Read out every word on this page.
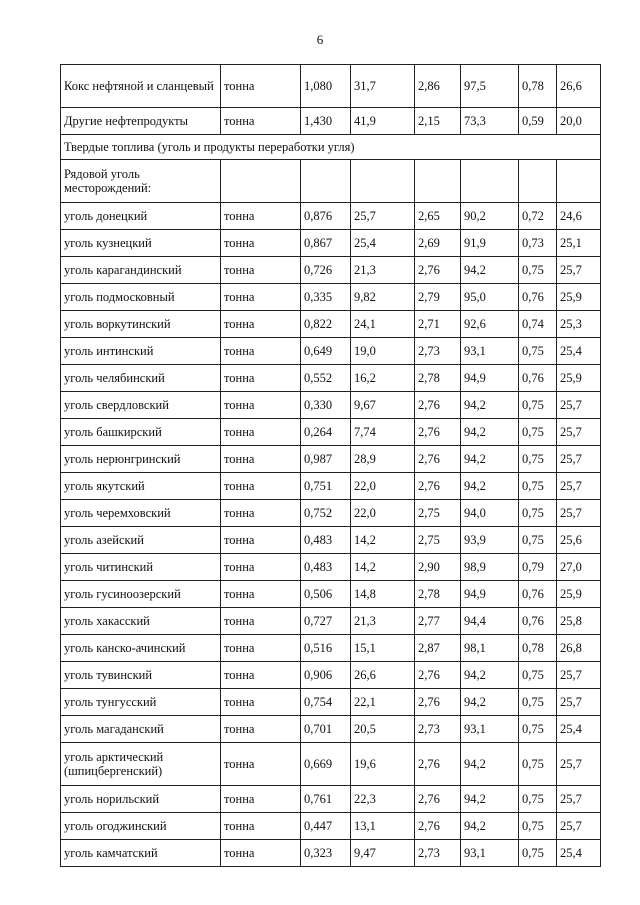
6
Кокс нефтяной и сланцевый	тонна	1,080	31,7	2,86	97,5	0,78	26,6
Другие нефтепродукты	тонна	1,430	41,9	2,15	73,3	0,59	20,0
Твердые топлива (уголь и продукты переработки угля)							
Рядовой уголь месторождений:							
уголь донецкий	тонна	0,876	25,7	2,65	90,2	0,72	24,6
уголь кузнецкий	тонна	0,867	25,4	2,69	91,9	0,73	25,1
уголь карагандинский	тонна	0,726	21,3	2,76	94,2	0,75	25,7
уголь подмосковный	тонна	0,335	9,82	2,79	95,0	0,76	25,9
уголь воркутинский	тонна	0,822	24,1	2,71	92,6	0,74	25,3
уголь интинский	тонна	0,649	19,0	2,73	93,1	0,75	25,4
уголь челябинский	тонна	0,552	16,2	2,78	94,9	0,76	25,9
уголь свердловский	тонна	0,330	9,67	2,76	94,2	0,75	25,7
уголь башкирский	тонна	0,264	7,74	2,76	94,2	0,75	25,7
уголь нерюнгринский	тонна	0,987	28,9	2,76	94,2	0,75	25,7
уголь якутский	тонна	0,751	22,0	2,76	94,2	0,75	25,7
уголь черемховский	тонна	0,752	22,0	2,75	94,0	0,75	25,7
уголь азейский	тонна	0,483	14,2	2,75	93,9	0,75	25,6
уголь читинский	тонна	0,483	14,2	2,90	98,9	0,79	27,0
уголь гусиноозерский	тонна	0,506	14,8	2,78	94,9	0,76	25,9
уголь хакасский	тонна	0,727	21,3	2,77	94,4	0,76	25,8
уголь канско-ачинский	тонна	0,516	15,1	2,87	98,1	0,78	26,8
уголь тувинский	тонна	0,906	26,6	2,76	94,2	0,75	25,7
уголь тунгусский	тонна	0,754	22,1	2,76	94,2	0,75	25,7
уголь магаданский	тонна	0,701	20,5	2,73	93,1	0,75	25,4
уголь арктический (шпицбергенский)	тонна	0,669	19,6	2,76	94,2	0,75	25,7
уголь норильский	тонна	0,761	22,3	2,76	94,2	0,75	25,7
уголь огоджинский	тонна	0,447	13,1	2,76	94,2	0,75	25,7
уголь камчатский	тонна	0,323	9,47	2,73	93,1	0,75	25,4
